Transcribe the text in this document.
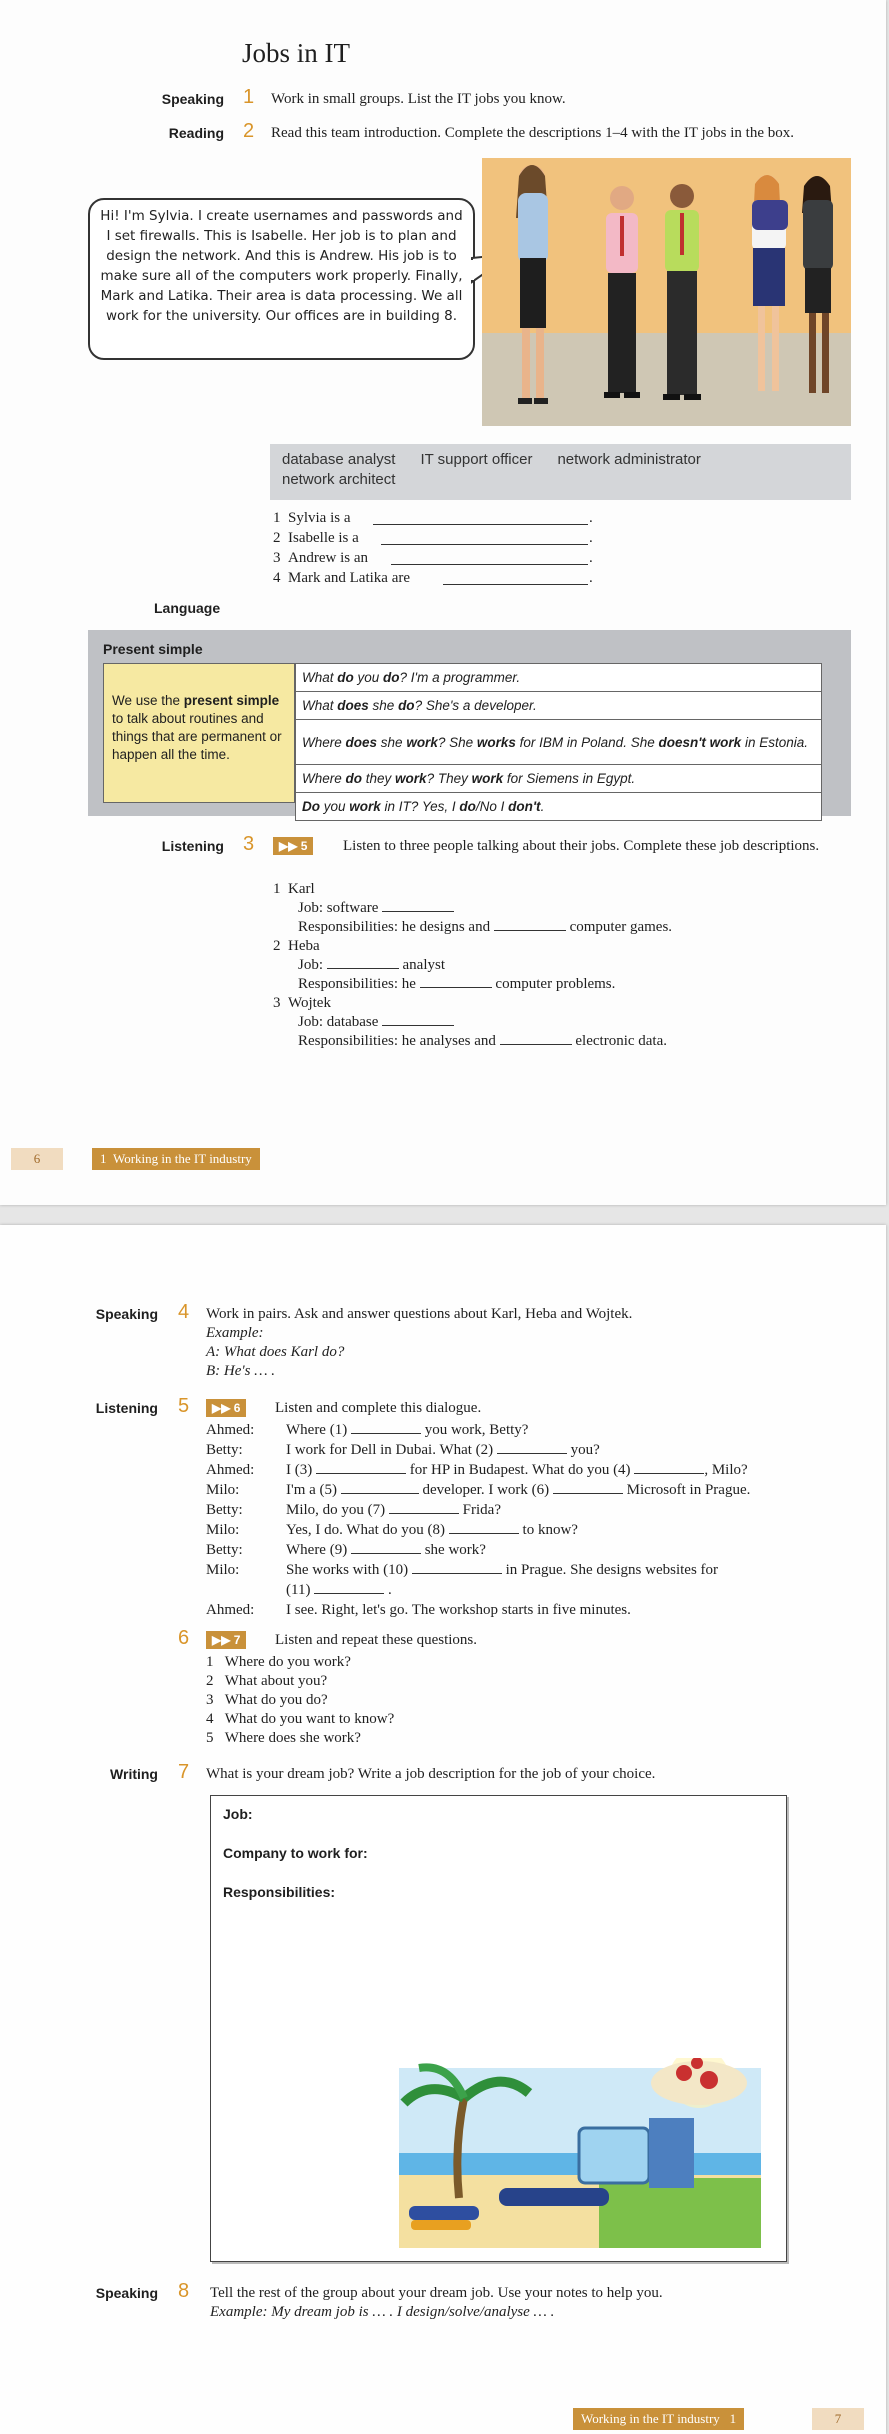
Jobs in IT
Speaking 1 Work in small groups. List the IT jobs you know.
Reading 2 Read this team introduction. Complete the descriptions 1–4 with the IT jobs in the box.
Hi! I'm Sylvia. I create usernames and passwords and I set firewalls. This is Isabelle. Her job is to plan and design the network. And this is Andrew. His job is to make sure all of the computers work properly. Finally, Mark and Latika. Their area is data processing. We all work for the university. Our offices are in building 8.
database analyst IT support officer network administrator
network architect
1 Sylvia is a	.
2 Isabelle is a	.
3 Andrew is an	.
4 Mark and Latika are	.
Language
Present simple
We use the present simple to talk about routines and things that are permanent or happen all the time.
What do you do? I'm a programmer.
What does she do? She's a developer.
Where does she work? She works for IBM in Poland. She doesn't work in Estonia.
Where do they work? They work for Siemens in Egypt.
Do you work in IT? Yes, I do/No I don't.
Listening 3	▶▶ 5	Listen to three people talking about their jobs. Complete these job descriptions.
1 Karl
Job: software
Responsibilities: he designs and	computer games.
2 Heba
Job:	analyst
Responsibilities: he	computer problems.
3 Wojtek
Job: database
Responsibilities: he analyses and	electronic data.
6	1 Working in the IT industry
Speaking 4 Work in pairs. Ask and answer questions about Karl, Heba and Wojtek.
Example:
A: What does Karl do?
B: He's … .
Listening 5	▶▶ 6	Listen and complete this dialogue.
Ahmed:	Where (1) you work, Betty?
Betty:	I work for Dell in Dubai. What (2) you?
Ahmed:	I (3) for HP in Budapest. What do you (4) , Milo?
Milo:	I'm a (5) developer. I work (6) Microsoft in Prague.
Betty:	Milo, do you (7) Frida?
Milo:	Yes, I do. What do you (8) to know?
Betty:	Where (9) she work?
Milo:	She works with (10) in Prague. She designs websites for
	(11) .
Ahmed:	I see. Right, let's go. The workshop starts in five minutes.
6	▶▶ 7	Listen and repeat these questions.
1   Where do you work?
2   What about you?
3   What do you do?
4   What do you want to know?
5   Where does she work?
Writing 7 What is your dream job? Write a job description for the job of your choice.
Job:
Company to work for:
Responsibilities:
Speaking 8 Tell the rest of the group about your dream job. Use your notes to help you.
Example: My dream job is … . I design/solve/analyse … .
Working in the IT industry 1	7
